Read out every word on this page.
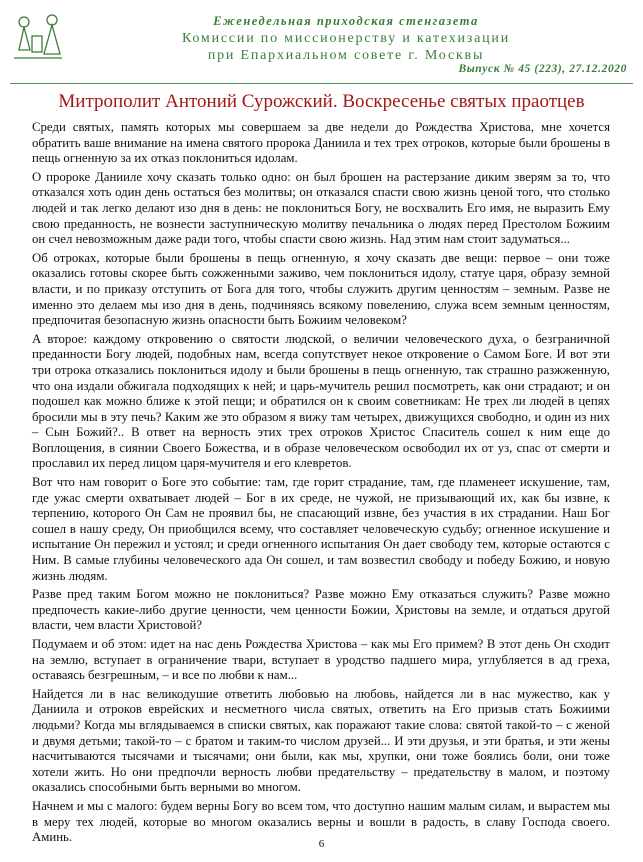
Еженедельная приходская стенгазета
Комиссии по миссионерству и катехизации
при Епархиальном совете г. Москвы
Выпуск № 45 (223), 27.12.2020
Митрополит Антоний Сурожский. Воскресенье святых праотцев

Среди святых, память которых мы совершаем за две недели до Рождества Христова, мне хочется обратить ваше внимание на имена святого пророка Даниила и тех трех отроков, которые были брошены в пещь огненную за их отказ поклониться идолам.

О пророке Данииле хочу сказать только одно: он был брошен на растерзание диким зверям за то, что отказался хоть один день остаться без молитвы; он отказался спасти свою жизнь ценой того, что столько людей и так легко делают изо дня в день: не поклониться Богу, не восхвалить Его имя, не выразить Ему свою преданность, не вознести заступническую молитву печальника о людях перед Престолом Божиим он счел невозможным даже ради того, чтобы спасти свою жизнь. Над этим нам стоит задуматься...

Об отроках, которые были брошены в пещь огненную, я хочу сказать две вещи: первое – они тоже оказались готовы скорее быть сожженными заживо, чем поклониться идолу, статуе царя, образу земной власти, и по приказу отступить от Бога для того, чтобы служить другим ценностям – земным. Разве не именно это делаем мы изо дня в день, подчиняясь всякому повелению, служа всем земным ценностям, предпочитая безопасную жизнь опасности быть Божиим человеком?

А второе: каждому откровению о святости людской, о величии человеческого духа, о безграничной преданности Богу людей, подобных нам, всегда сопутствует некое откровение о Самом Боге. И вот эти три отрока отказались поклониться идолу и были брошены в пещь огненную, так страшно разжженную, что она издали обжигала подходящих к ней; и царь-мучитель решил посмотреть, как они страдают; и он подошел как можно ближе к этой пещи; и обратился он к своим советникам: Не трех ли людей в цепях бросили мы в эту печь? Каким же это образом я вижу там четырех, движущихся свободно, и один из них – Сын Божий?.. В ответ на верность этих трех отроков Христос Спаситель сошел к ним еще до Воплощения, в сиянии Своего Божества, и в образе человеческом освободил их от уз, спас от смерти и прославил их перед лицом царя-мучителя и его клевретов.

Вот что нам говорит о Боге это событие: там, где горит страдание, там, где пламенеет искушение, там, где ужас смерти охватывает людей – Бог в их среде, не чужой, не призывающий их, как бы извне, к терпению, которого Он Сам не проявил бы, не спасающий извне, без участия в их страдании. Наш Бог сошел в нашу среду, Он приобщился всему, что составляет человеческую судьбу; огненное искушение и испытание Он пережил и устоял; и среди огненного испытания Он дает свободу тем, которые остаются с Ним. В самые глубины человеческого ада Он сошел, и там возвестил свободу и победу Божию, и новую жизнь людям.

Разве пред таким Богом можно не поклониться? Разве можно Ему отказаться служить? Разве можно предпочесть какие-либо другие ценности, чем ценности Божии, Христовы на земле, и отдаться другой власти, чем власти Христовой?

Подумаем и об этом: идет на нас день Рождества Христова – как мы Его примем? В этот день Он сходит на землю, вступает в ограничение твари, вступает в уродство падшего мира, углубляется в ад греха, оставаясь безгрешным, – и все по любви к нам...

Найдется ли в нас великодушие ответить любовью на любовь, найдется ли в нас мужество, как у Даниила и отроков еврейских и несметного числа святых, ответить на Его призыв стать Божиими людьми? Когда мы вглядываемся в списки святых, как поражают такие слова: святой такой-то – с женой и двумя детьми; такой-то – с братом и таким-то числом друзей... И эти друзья, и эти братья, и эти жены насчитываются тысячами и тысячами; они были, как мы, хрупки, они тоже боялись боли, они тоже хотели жить. Но они предпочли верность любви предательству – предательству в малом, и поэтому оказались способными быть верными во многом.

Начнем и мы с малого: будем верны Богу во всем том, что доступно нашим малым силам, и вырастем мы в меру тех людей, которые во многом оказались верны и вошли в радость, в славу Господа своего. Аминь.	6
